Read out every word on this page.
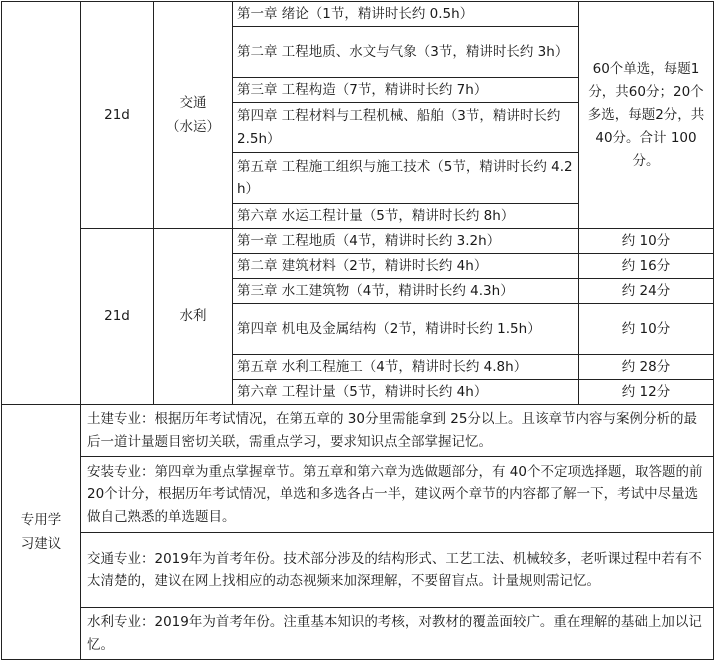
	21d	交通
（水运）	第一章 绪论（1节，精讲时长约 0.5h）	60个单选，每题1分，共60分；20个多选，每题2分，共40分。合计 100分。

			第二章 工程地质、水文与气象（3节，精讲时长约 3h）	
			第三章 工程构造（7节，精讲时长约 7h）	
			第四章 工程材料与工程机械、船舶（3节，精讲时长约 2.5h）	
			第五章 工程施工组织与施工技术（5节，精讲时长约 4.2h）	
			第六章 水运工程计量（5节，精讲时长约 8h）	

	21d	水利	第一章 工程地质（4节，精讲时长约 3.2h）	约 10分
			第二章 建筑材料（2节，精讲时长约 4h）	约 16分
			第三章 水工建筑物（4节，精讲时长约 4.3h）	约 24分
			第四章 机电及金属结构（2节，精讲时长约 1.5h）	约 10分
			第五章 水利工程施工（4节，精讲时长约 4.8h）	约 28分
			第六章 工程计量（5节，精讲时长约 4h）	约 12分
专用学
习建议	土建专业：根据历年考试情况，在第五章的 30分里需能拿到 25分以上。且该章节内容与案例分析的最后一道计量题目密切关联，需重点学习，要求知识点全部掌握记忆。			
	安装专业：第四章为重点掌握章节。第五章和第六章为选做题部分，有 40个不定项选择题，取答题的前 20个计分，根据历年考试情况，单选和多选各占一半，建议两个章节的内容都了解一下，考试中尽量选做自己熟悉的单选题目。			
	交通专业：2019年为首考年份。技术部分涉及的结构形式、工艺工法、机械较多，老听课过程中若有不太清楚的，建议在网上找相应的动态视频来加深理解，不要留盲点。计量规则需记忆。			
	水利专业：2019年为首考年份。注重基本知识的考核，对教材的覆盖面较广。重在理解的基础上加以记忆。			
